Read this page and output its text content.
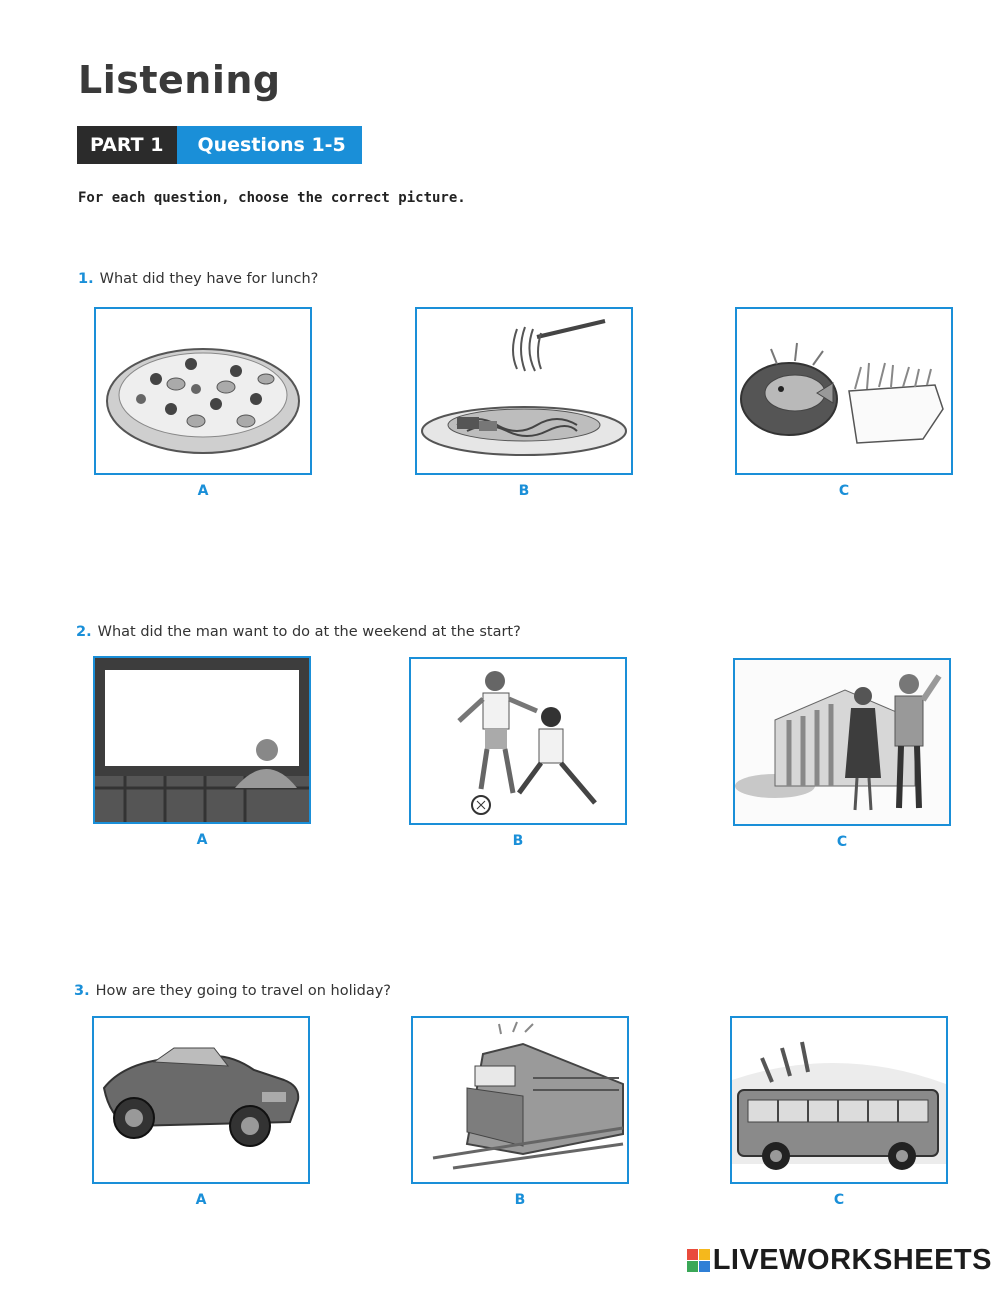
Listening
PART 1	Questions 1-5
For each question, choose the correct picture.
1. What did they have for lunch?
A	B	C
2. What did the man want to do at the weekend at the start?
A	B	C
3. How are they going to travel on holiday?
A	B	C
LIVEWORKSHEETS
